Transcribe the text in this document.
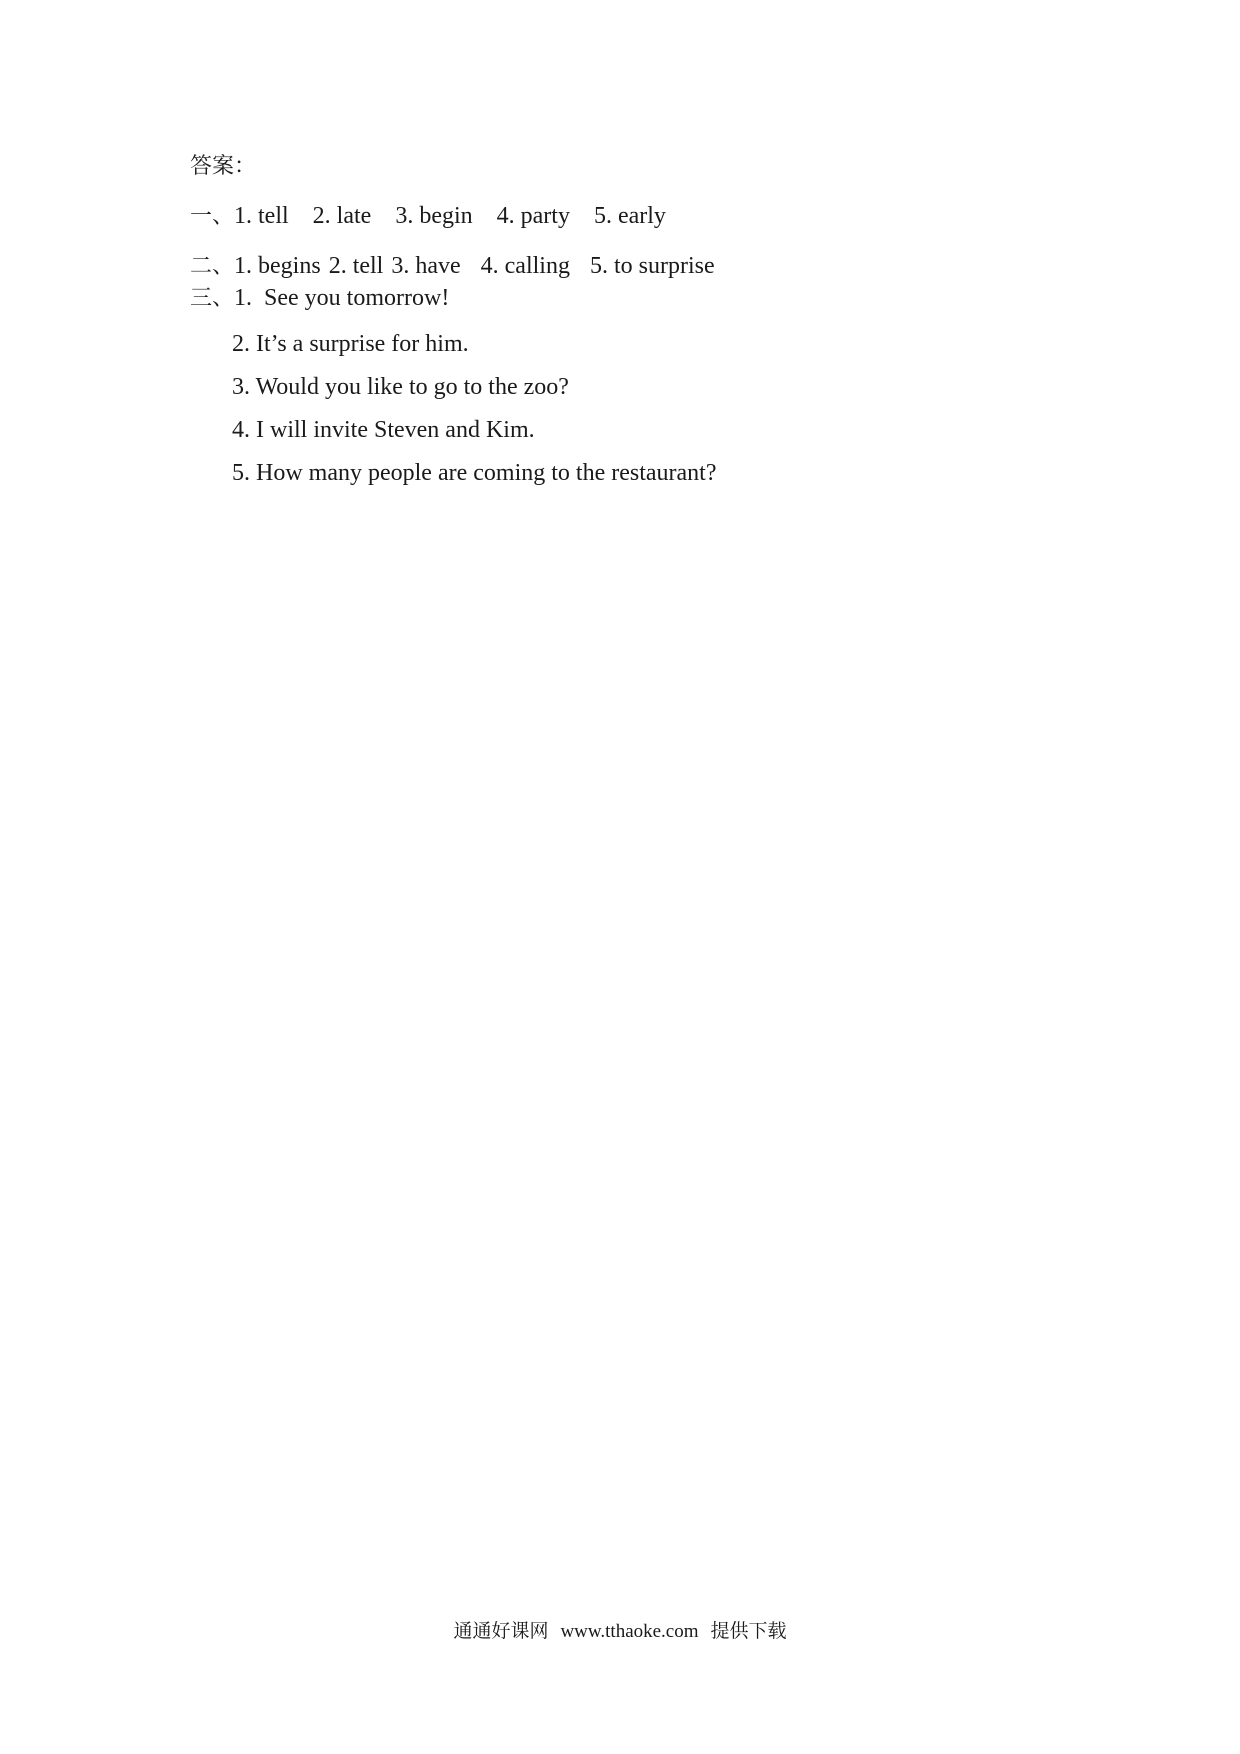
答案：
一、1. tell 2. late 3. begin 4. party 5. early
二、1. begins 2. tell 3. have 4. calling 5. to surprise
三、1.  See you tomorrow!
2. It’s a surprise for him.
3. Would you like to go to the zoo?
4. I will invite Steven and Kim.
5. How many people are coming to the restaurant?
通通好课网 www.tthaoke.com 提供下载
